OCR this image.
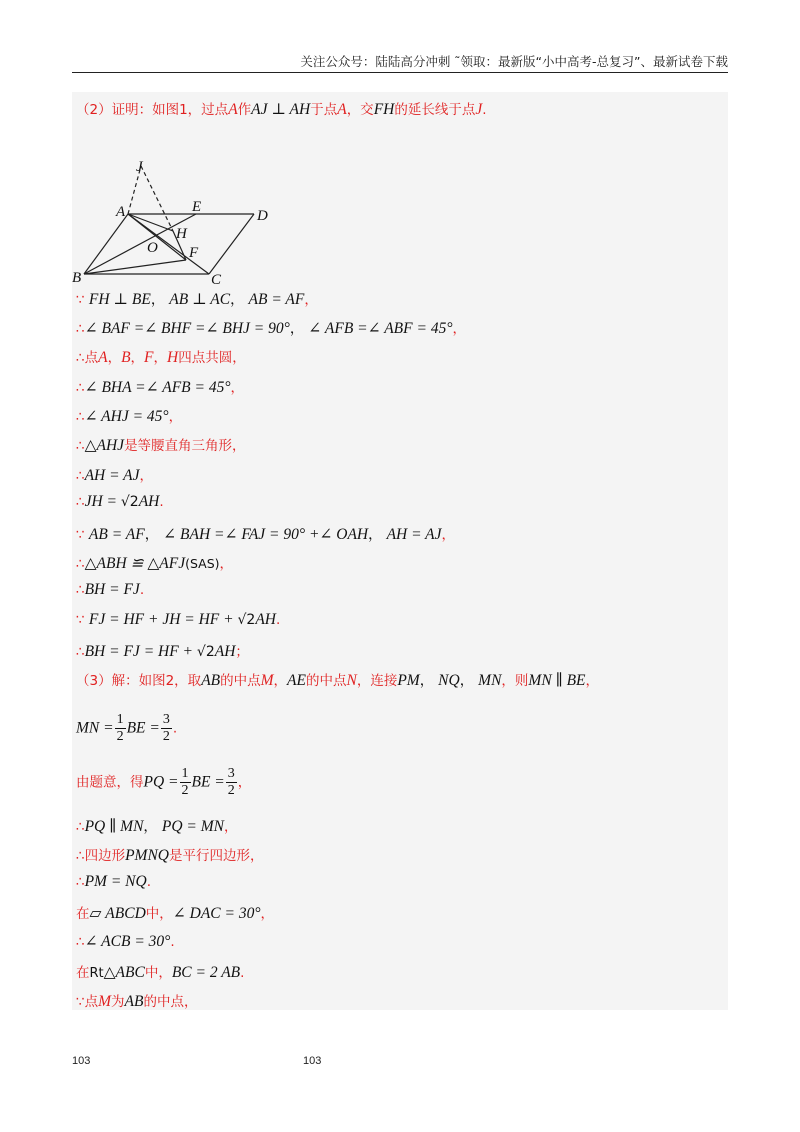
关注公众号：陆陆高分冲刺 ˜领取：最新版“小中高考-总复习”、最新试卷下载
（2）证明：如图1，过点A作AJ ⊥ AH于点A，交FH的延长线于点J.
J
A	E
D
H
O F
B	C
∵ FH ⊥ BE， AB ⊥ AC， AB = AF，
∴∠ BAF =∠ BHF =∠ BHJ = 90°， ∠ AFB =∠ ABF = 45°，
∴点A，B，F，H四点共圆，
∴∠ BHA =∠ AFB = 45°，
∴∠ AHJ = 45°，
∴△AHJ是等腰直角三角形，
∴AH = AJ，
∴JH = √2AH.
∵ AB = AF， ∠ BAH =∠ FAJ = 90° +∠ OAH， AH = AJ，
∴△ABH ≌ △AFJ(SAS)，
∴BH = FJ.
∵ FJ = HF + JH = HF + √2AH.
∴BH = FJ = HF + √2AH；
（3）解：如图2，取AB的中点M，AE的中点N，连接PM， NQ， MN，则MN ∥ BE，
MN = $\frac{1}{2}$ BE = $\frac{3}{2}$ .
由题意，得PQ = $\frac{1}{2}$ BE = $\frac{3}{2}$ ，
∴PQ ∥ MN， PQ = MN，
∴四边形PMNQ是平行四边形，
∴PM = NQ.
在▱ ABCD中，∠ DAC = 30°，
∴∠ ACB = 30°.
在Rt△ABC中，BC = 2 AB.
∵点M为AB的中点，
103	103
